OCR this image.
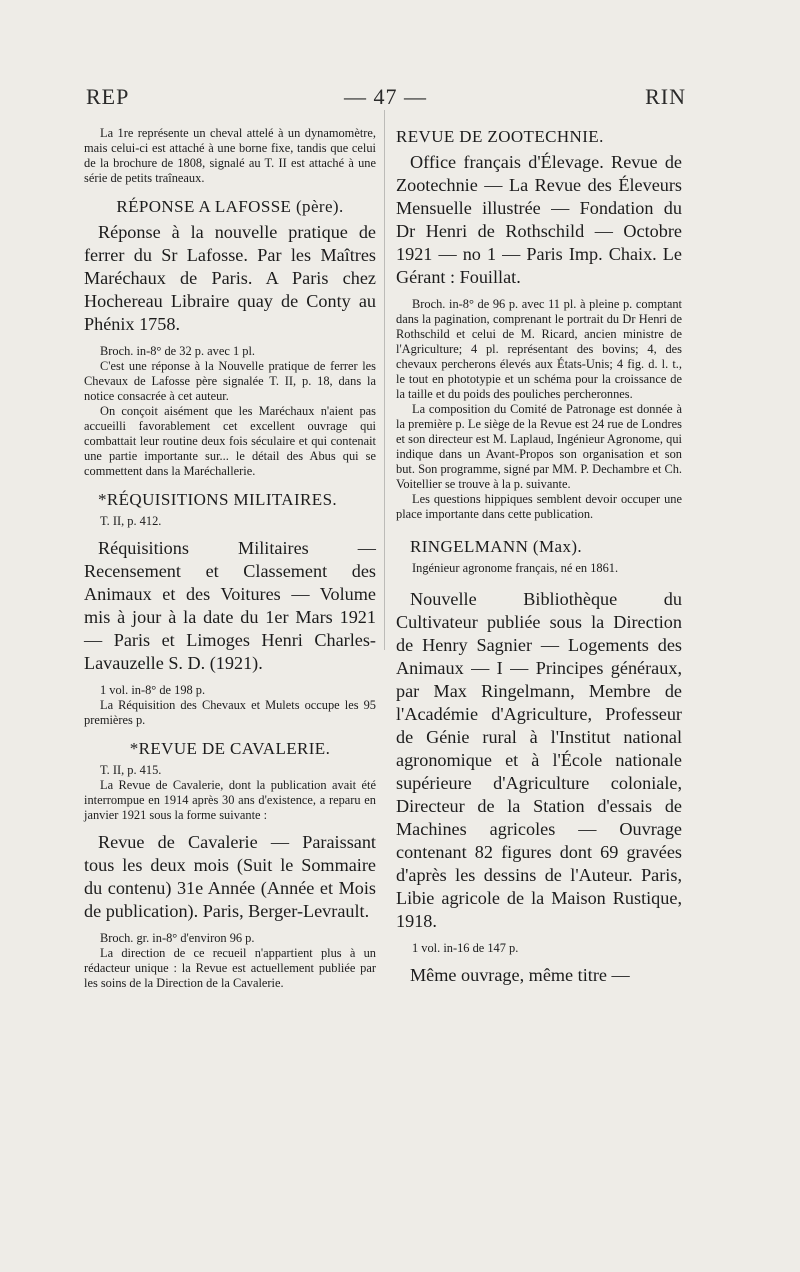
REP	— 47 —	RIN

La 1re représente un cheval attelé à un dynamomètre, mais celui-ci est attaché à une borne fixe, tandis que celui de la brochure de 1808, signalé au T. II est attaché à une série de petits traîneaux.

RÉPONSE A LAFOSSE (père).

Réponse à la nouvelle pratique de ferrer du Sr Lafosse. Par les Maîtres Maréchaux de Paris. A Paris chez Hochereau Libraire quay de Conty au Phénix 1758.

Broch. in-8° de 32 p. avec 1 pl.

C'est une réponse à la Nouvelle pratique de ferrer les Chevaux de Lafosse père signalée T. II, p. 18, dans la notice consacrée à cet auteur.

On conçoit aisément que les Maréchaux n'aient pas accueilli favorablement cet excellent ouvrage qui combattait leur routine deux fois séculaire et qui contenait une partie importante sur... le détail des Abus qui se commettent dans la Maréchallerie.

*RÉQUISITIONS MILITAIRES.

T. II, p. 412.

Réquisitions Militaires — Recensement et Classement des Animaux et des Voitures — Volume mis à jour à la date du 1er Mars 1921 — Paris et Limoges Henri Charles-Lavauzelle S. D. (1921).

1 vol. in-8° de 198 p.

La Réquisition des Chevaux et Mulets occupe les 95 premières p.

*REVUE DE CAVALERIE.

T. II, p. 415.

La Revue de Cavalerie, dont la publication avait été interrompue en 1914 après 30 ans d'existence, a reparu en janvier 1921 sous la forme suivante :

Revue de Cavalerie — Paraissant tous les deux mois (Suit le Sommaire du contenu) 31e Année (Année et Mois de publication). Paris, Berger-Levrault.

Broch. gr. in-8° d'environ 96 p.

La direction de ce recueil n'appartient plus à un rédacteur unique : la Revue est actuellement publiée par les soins de la Direction de la Cavalerie.

REVUE DE ZOOTECHNIE.

Office français d'Élevage. Revue de Zootechnie — La Revue des Éleveurs Mensuelle illustrée — Fondation du Dr Henri de Rothschild — Octobre 1921 — no 1 — Paris Imp. Chaix. Le Gérant : Fouillat.

Broch. in-8° de 96 p. avec 11 pl. à pleine p. comptant dans la pagination, comprenant le portrait du Dr Henri de Rothschild et celui de M. Ricard, ancien ministre de l'Agriculture; 4 pl. représentant des bovins; 4, des chevaux percherons élevés aux États-Unis; 4 fig. d. l. t., le tout en phototypie et un schéma pour la croissance de la taille et du poids des pouliches percheronnes.

La composition du Comité de Patronage est donnée à la première p. Le siège de la Revue est 24 rue de Londres et son directeur est M. Laplaud, Ingénieur Agronome, qui indique dans un Avant-Propos son organisation et son but. Son programme, signé par MM. P. Dechambre et Ch. Voitellier se trouve à la p. suivante.

Les questions hippiques semblent devoir occuper une place importante dans cette publication.

RINGELMANN (Max).

Ingénieur agronome français, né en 1861.

Nouvelle Bibliothèque du Cultivateur publiée sous la Direction de Henry Sagnier — Logements des Animaux — I — Principes généraux, par Max Ringelmann, Membre de l'Académie d'Agriculture, Professeur de Génie rural à l'Institut national agronomique et à l'École nationale supérieure d'Agriculture coloniale, Directeur de la Station d'essais de Machines agricoles — Ouvrage contenant 82 figures dont 69 gravées d'après les dessins de l'Auteur. Paris, Libie agricole de la Maison Rustique, 1918.

1 vol. in-16 de 147 p.

Même ouvrage, même titre —
